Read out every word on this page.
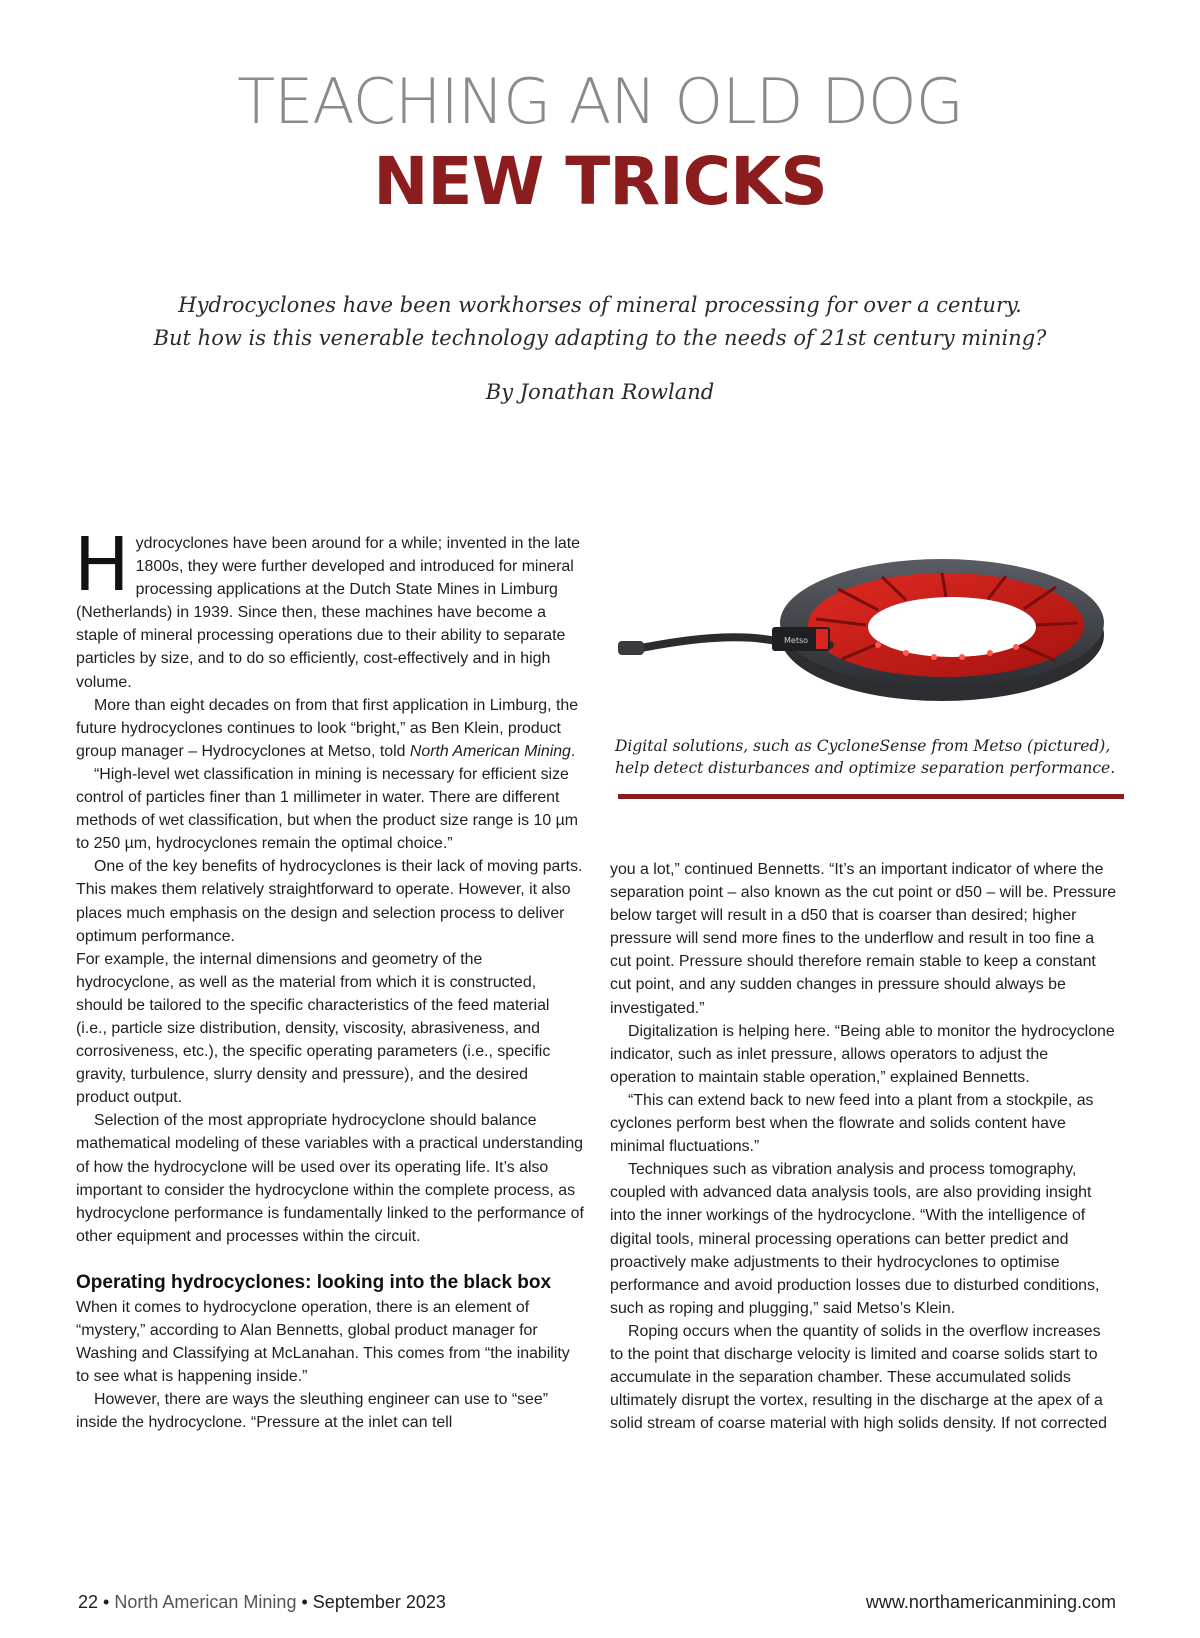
TEACHING AN OLD DOG
NEW TRICKS
Hydrocyclones have been workhorses of mineral processing for over a century.
But how is this venerable technology adapting to the needs of 21st century mining?
By Jonathan Rowland

Hydrocyclones have been around for a while; invented in the late 1800s, they were further developed and introduced for mineral processing applications at the Dutch State Mines in Limburg (Netherlands) in 1939. Since then, these machines have become a staple of mineral processing operations due to their ability to separate particles by size, and to do so efficiently, cost-effectively and in high volume.

More than eight decades on from that first application in Limburg, the future hydrocyclones continues to look “bright,” as Ben Klein, product group manager – Hydrocyclones at Metso, told North American Mining.

“High-level wet classification in mining is necessary for efficient size control of particles finer than 1 millimeter in water. There are different methods of wet classification, but when the product size range is 10 µm to 250 µm, hydrocyclones remain the optimal choice.”

One of the key benefits of hydrocyclones is their lack of moving parts. This makes them relatively straightforward to operate. However, it also places much emphasis on the design and selection process to deliver optimum performance.

For example, the internal dimensions and geometry of the hydrocyclone, as well as the material from which it is constructed, should be tailored to the specific characteristics of the feed material (i.e., particle size distribution, density, viscosity, abrasiveness, and corrosiveness, etc.), the specific operating parameters (i.e., specific gravity, turbulence, slurry density and pressure), and the desired product output.

Selection of the most appropriate hydrocyclone should balance mathematical modeling of these variables with a practical understanding of how the hydrocyclone will be used over its operating life. It’s also important to consider the hydrocyclone within the complete process, as hydrocyclone performance is fundamentally linked to the performance of other equipment and processes within the circuit.

Operating hydrocyclones: looking into the black box

When it comes to hydrocyclone operation, there is an element of “mystery,” according to Alan Bennetts, global product manager for Washing and Classifying at McLanahan. This comes from “the inability to see what is happening inside.”

However, there are ways the sleuthing engineer can use to “see” inside the hydrocyclone. “Pressure at the inlet can tell

Metso
Digital solutions, such as CycloneSense from Metso (pictured),
help detect disturbances and optimize separation performance.

you a lot,” continued Bennetts. “It’s an important indicator of where the separation point – also known as the cut point or d50 – will be. Pressure below target will result in a d50 that is coarser than desired; higher pressure will send more fines to the underflow and result in too fine a cut point. Pressure should therefore remain stable to keep a constant cut point, and any sudden changes in pressure should always be investigated.”

Digitalization is helping here. “Being able to monitor the hydrocyclone indicator, such as inlet pressure, allows operators to adjust the operation to maintain stable operation,” explained Bennetts.

“This can extend back to new feed into a plant from a stockpile, as cyclones perform best when the flowrate and solids content have minimal fluctuations.”

Techniques such as vibration analysis and process tomography, coupled with advanced data analysis tools, are also providing insight into the inner workings of the hydrocyclone. “With the intelligence of digital tools, mineral processing operations can better predict and proactively make adjustments to their hydrocyclones to optimise performance and avoid production losses due to disturbed conditions, such as roping and plugging,” said Metso’s Klein.

Roping occurs when the quantity of solids in the overflow increases to the point that discharge velocity is limited and coarse solids start to accumulate in the separation chamber. These accumulated solids ultimately disrupt the vortex, resulting in the discharge at the apex of a solid stream of coarse material with high solids density. If not corrected

22 • North American Mining • September 2023	www.northamericanmining.com
